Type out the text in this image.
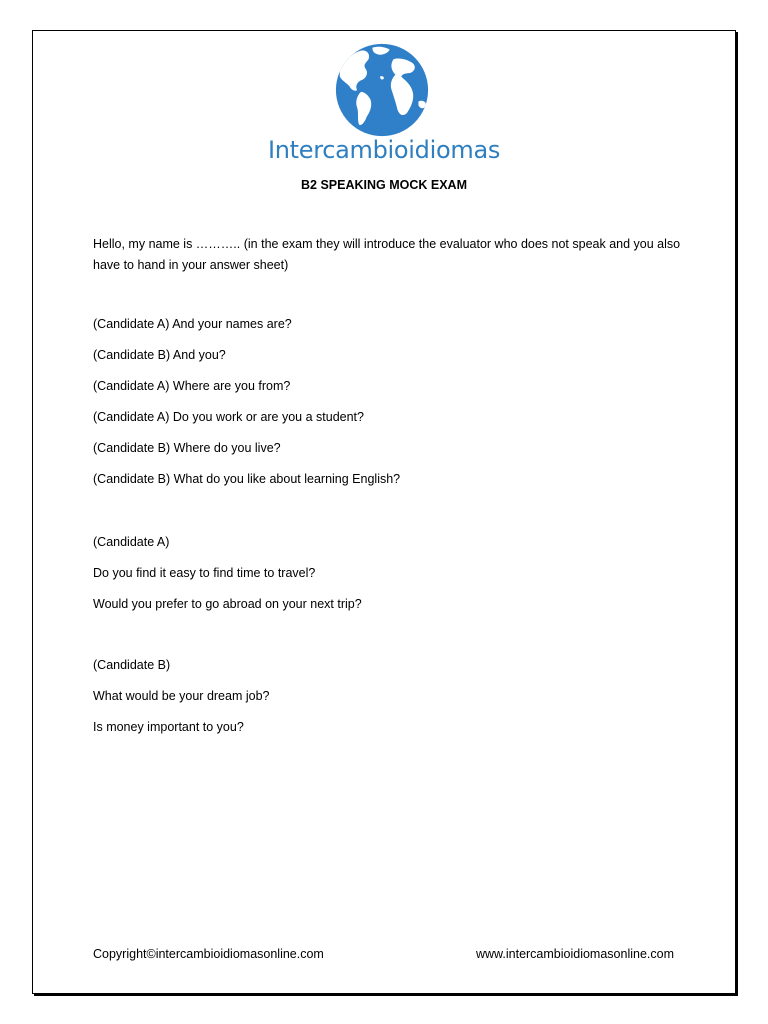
Intercambioidiomas
B2 SPEAKING MOCK EXAM
Hello, my name is ……….. (in the exam they will introduce the evaluator who does not speak and you also have to hand in your answer sheet)
(Candidate A) And your names are?
(Candidate B) And you?
(Candidate A) Where are you from?
(Candidate A) Do you work or are you a student?
(Candidate B) Where do you live?
(Candidate B) What do you like about learning English?
(Candidate A)
Do you find it easy to find time to travel?
Would you prefer to go abroad on your next trip?
(Candidate B)
What would be your dream job?
Is money important to you?
Copyright©intercambioidiomasonline.com	www.intercambioidiomasonline.com
